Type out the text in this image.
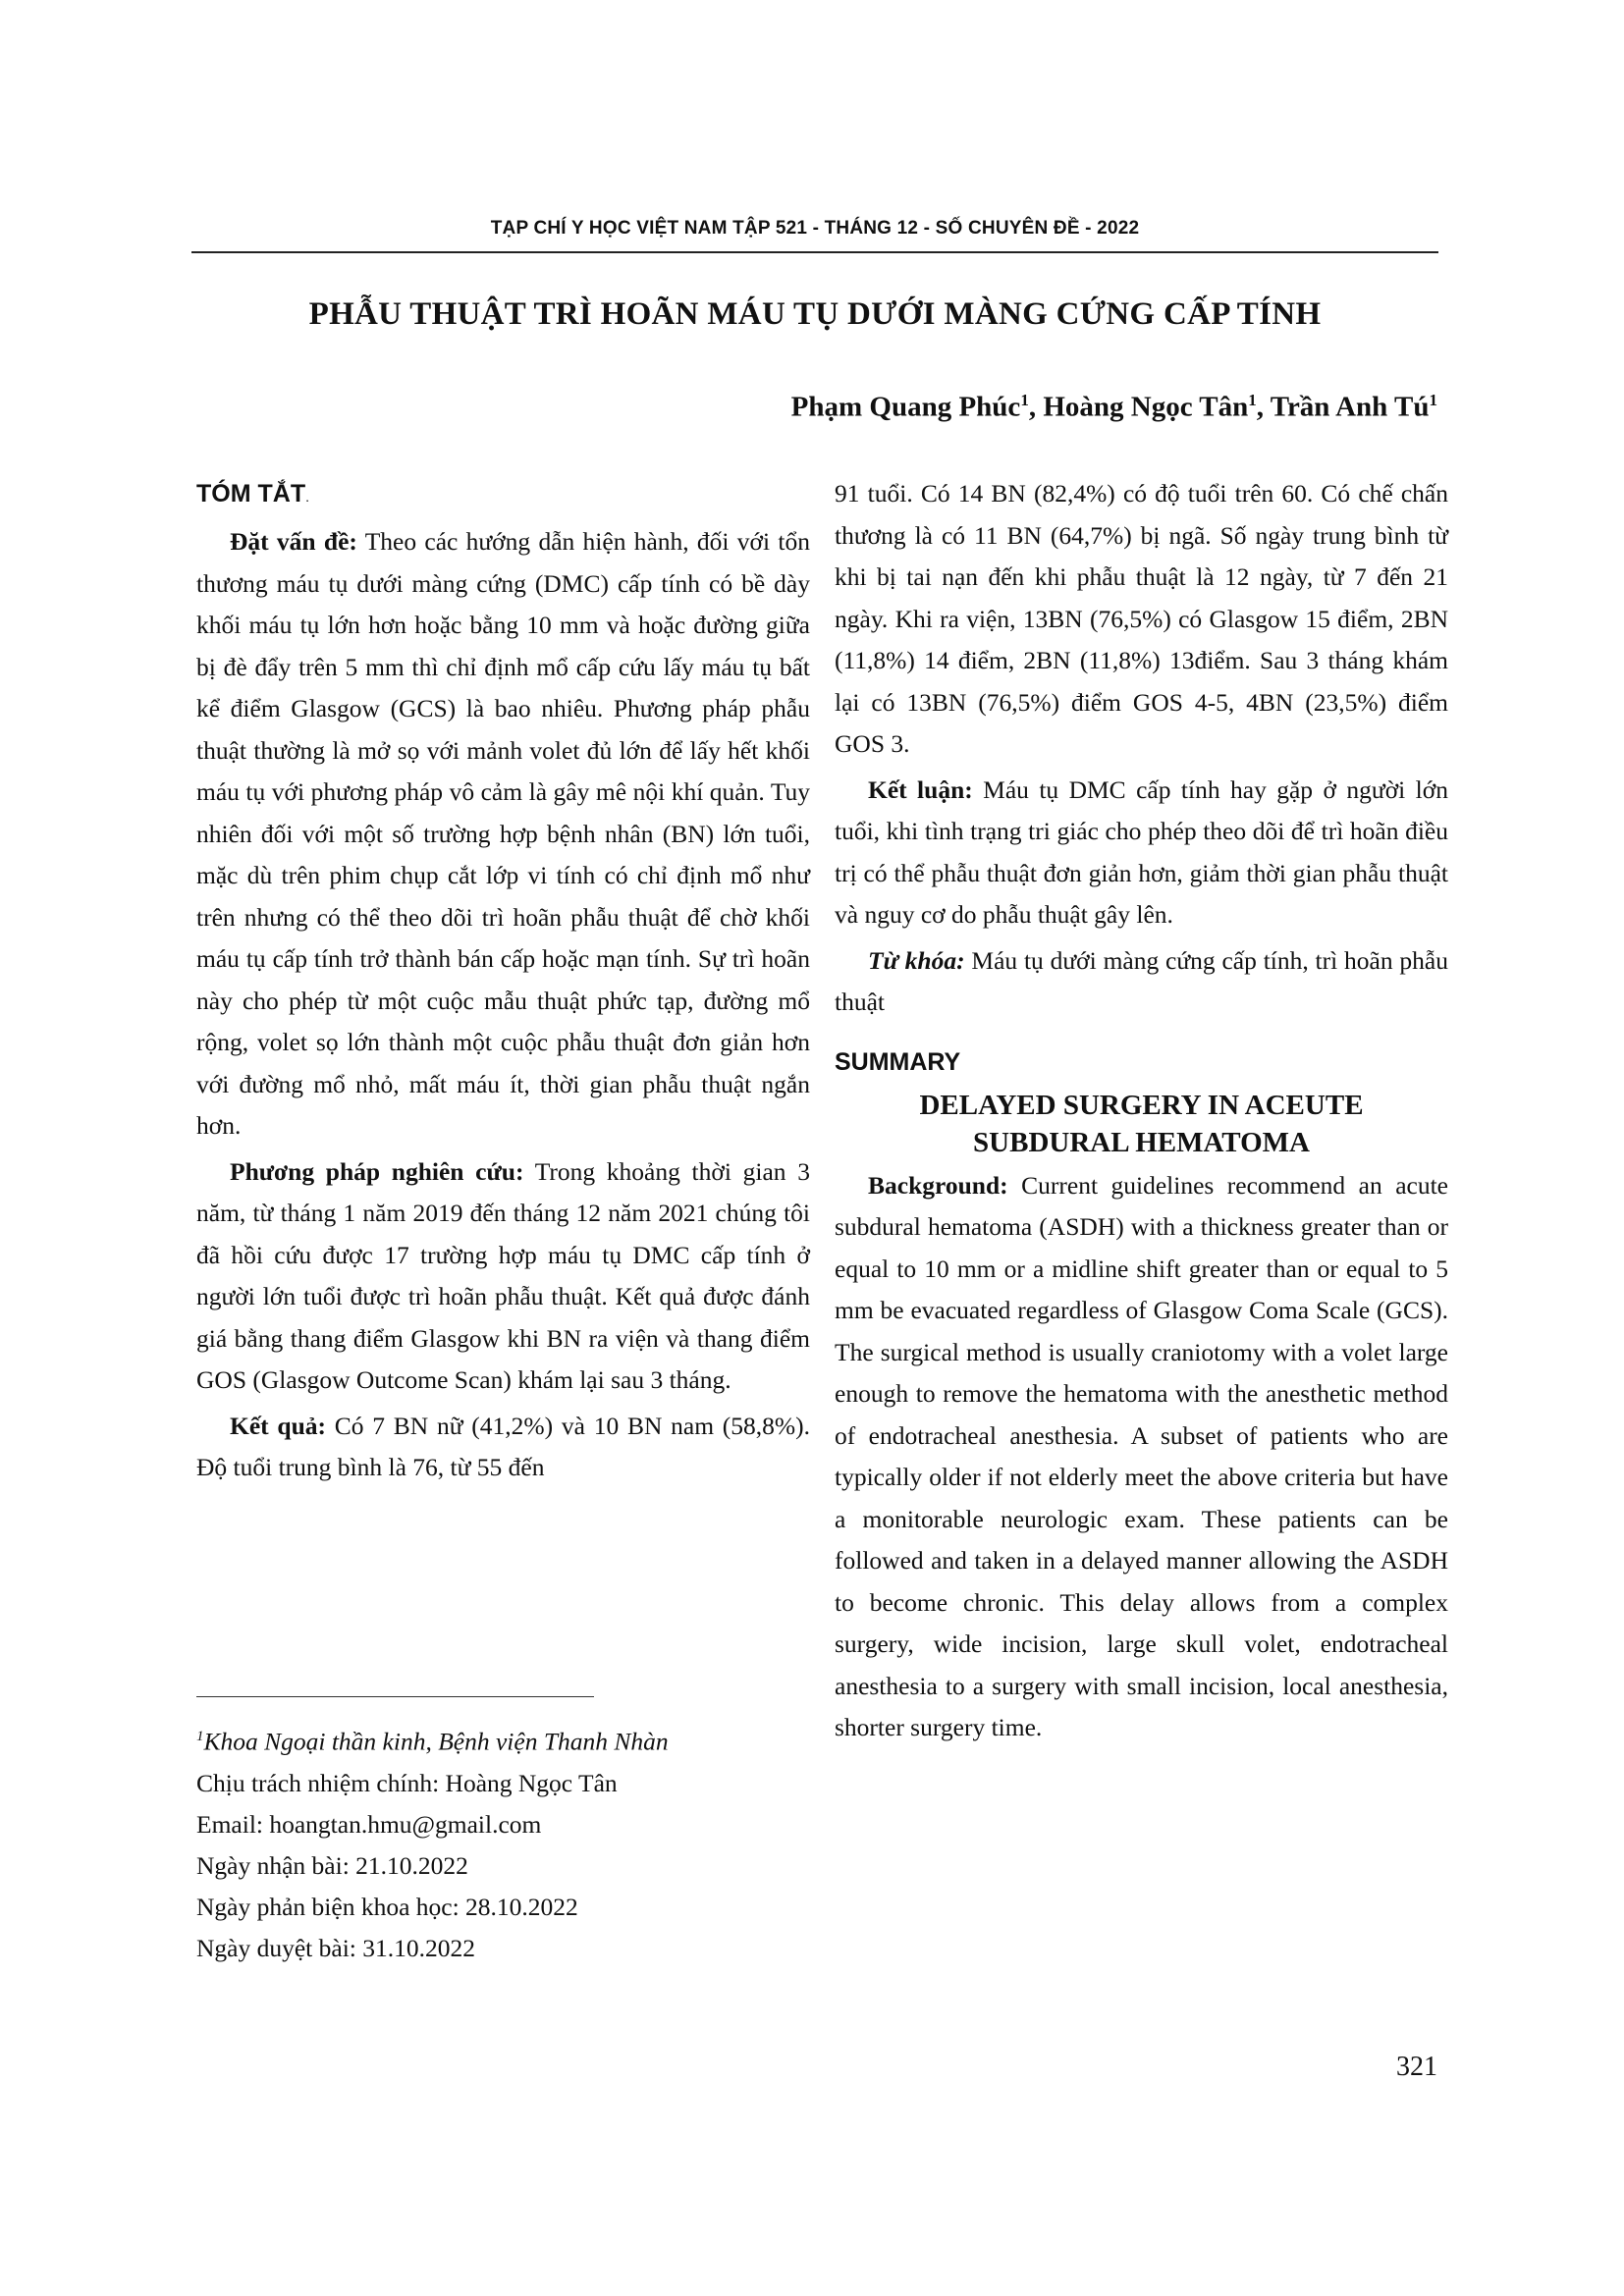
TẠP CHÍ Y HỌC VIỆT NAM TẬP 521 - THÁNG 12 - SỐ CHUYÊN ĐỀ - 2022
PHẪU THUẬT TRÌ HOÃN MÁU TỤ DƯỚI MÀNG CỨNG CẤP TÍNH
Phạm Quang Phúc$^1$, Hoàng Ngọc Tân$^1$, Trần Anh $Tú^1$
TÓM TẮT.

Đặt vấn đề: Theo các hướng dẫn hiện hành, đối với tổn thương máu tụ dưới màng cứng (DMC) cấp tính có bề dày khối máu tụ lớn hơn hoặc bằng 10 mm và hoặc đường giữa bị đè đẩy trên 5 mm thì chỉ định mổ cấp cứu lấy máu tụ bất kể điểm Glasgow (GCS) là bao nhiêu. Phương pháp phẫu thuật thường là mở sọ với mảnh volet đủ lớn để lấy hết khối máu tụ với phương pháp vô cảm là gây mê nội khí quản. Tuy nhiên đối với một số trường hợp bệnh nhân (BN) lớn tuổi, mặc dù trên phim chụp cắt lớp vi tính có chỉ định mổ như trên nhưng có thể theo dõi trì hoãn phẫu thuật để chờ khối máu tụ cấp tính trở thành bán cấp hoặc mạn tính. Sự trì hoãn này cho phép từ một cuộc mẫu thuật phức tạp, đường mổ rộng, volet sọ lớn thành một cuộc phẫu thuật đơn giản hơn với đường mổ nhỏ, mất máu ít, thời gian phẫu thuật ngắn hơn.

Phương pháp nghiên cứu: Trong khoảng thời gian 3 năm, từ tháng 1 năm 2019 đến tháng 12 năm 2021 chúng tôi đã hồi cứu được 17 trường hợp máu tụ DMC cấp tính ở người lớn tuổi được trì hoãn phẫu thuật. Kết quả được đánh giá bằng thang điểm Glasgow khi BN ra viện và thang điểm GOS (Glasgow Outcome Scan) khám lại sau 3 tháng.

Kết quả: Có 7 BN nữ (41,2%) và 10 BN nam (58,8%). Độ tuổi trung bình là 76, từ 55 đến

$^1$Khoa Ngoại thần kinh, Bệnh viện Thanh Nhàn
Chịu trách nhiệm chính: Hoàng Ngọc Tân
Email: hoangtan.hmu@gmail.com
Ngày nhận bài: 21.10.2022
Ngày phản biện khoa học: 28.10.2022
Ngày duyệt bài: 31.10.2022

91 tuổi. Có 14 BN (82,4%) có độ tuổi trên 60. Có chế chấn thương là có 11 BN (64,7%) bị ngã. Số ngày trung bình từ khi bị tai nạn đến khi phẫu thuật là 12 ngày, từ 7 đến 21 ngày. Khi ra viện, 13BN (76,5%) có Glasgow 15 điểm, 2BN (11,8%) 14 điểm, 2BN (11,8%) 13điểm. Sau 3 tháng khám lại có 13BN (76,5%) điểm GOS 4-5, 4BN (23,5%) điểm GOS 3.

Kết luận: Máu tụ DMC cấp tính hay gặp ở người lớn tuổi, khi tình trạng tri giác cho phép theo dõi để trì hoãn điều trị có thể phẫu thuật đơn giản hơn, giảm thời gian phẫu thuật và nguy cơ do phẫu thuật gây lên.

Từ khóa: Máu tụ dưới màng cứng cấp tính, trì hoãn phẫu thuật

SUMMARY
DELAYED SURGERY IN ACEUTE
SUBDURAL HEMATOMA

Background: Current guidelines recommend an acute subdural hematoma (ASDH) with a thickness greater than or equal to 10 mm or a midline shift greater than or equal to 5 mm be evacuated regardless of Glasgow Coma Scale (GCS). The surgical method is usually craniotomy with a volet large enough to remove the hematoma with the anesthetic method of endotracheal anesthesia. A subset of patients who are typically older if not elderly meet the above criteria but have a monitorable neurologic exam. These patients can be followed and taken in a delayed manner allowing the ASDH to become chronic. This delay allows from a complex surgery, wide incision, large skull volet, endotracheal anesthesia to a surgery with small incision, local anesthesia, shorter surgery time.

321
